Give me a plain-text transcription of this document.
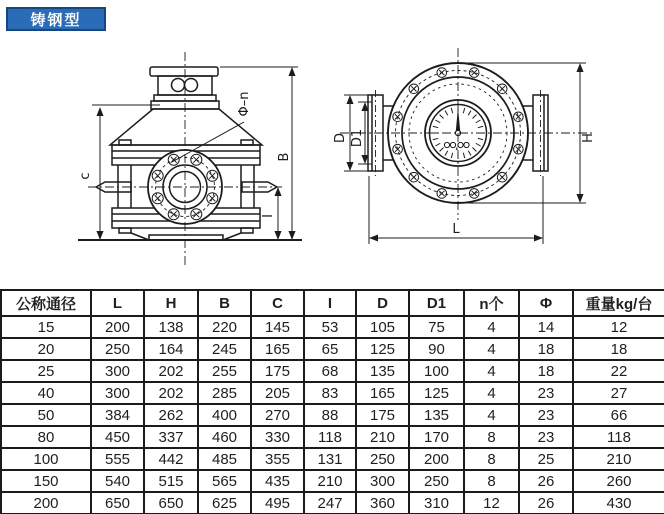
铸钢型
c
B
I
Φ–n
D D1	H
L
公称通径	L	H	B	C	I	D	D1	n个	Φ	重量kg/台
15	200	138	220	145	53	105	75	4	14	12
20	250	164	245	165	65	125	90	4	18	18
25	300	202	255	175	68	135	100	4	18	22
40	300	202	285	205	83	165	125	4	23	27
50	384	262	400	270	88	175	135	4	23	66
80	450	337	460	330	118	210	170	8	23	118
100	555	442	485	355	131	250	200	8	25	210
150	540	515	565	435	210	300	250	8	26	260
200	650	650	625	495	247	360	310	12	26	430
